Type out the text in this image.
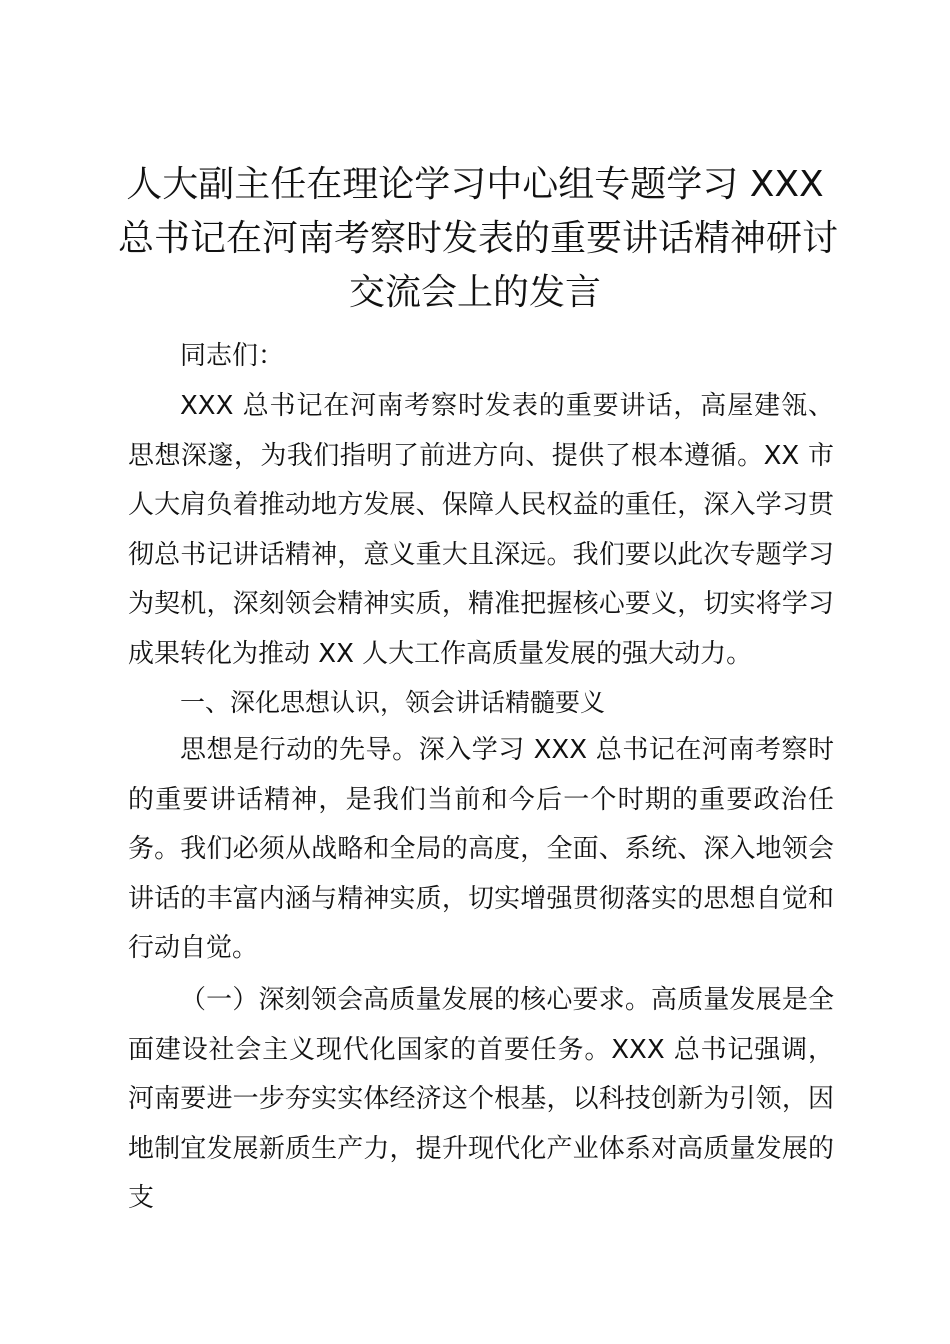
人大副主任在理论学习中心组专题学习 XXX
总书记在河南考察时发表的重要讲话精神研讨
交流会上的发言

同志们：

XXX 总书记在河南考察时发表的重要讲话，高屋建瓴、思想深邃，为我们指明了前进方向、提供了根本遵循。XX 市人大肩负着推动地方发展、保障人民权益的重任，深入学习贯彻总书记讲话精神，意义重大且深远。我们要以此次专题学习为契机，深刻领会精神实质，精准把握核心要义，切实将学习成果转化为推动 XX 人大工作高质量发展的强大动力。

一、深化思想认识，领会讲话精髓要义

思想是行动的先导。深入学习 XXX 总书记在河南考察时的重要讲话精神，是我们当前和今后一个时期的重要政治任务。我们必须从战略和全局的高度，全面、系统、深入地领会讲话的丰富内涵与精神实质，切实增强贯彻落实的思想自觉和行动自觉。

（一）深刻领会高质量发展的核心要求。高质量发展是全面建设社会主义现代化国家的首要任务。XXX 总书记强调，河南要进一步夯实实体经济这个根基，以科技创新为引领，因地制宜发展新质生产力，提升现代化产业体系对高质量发展的支
